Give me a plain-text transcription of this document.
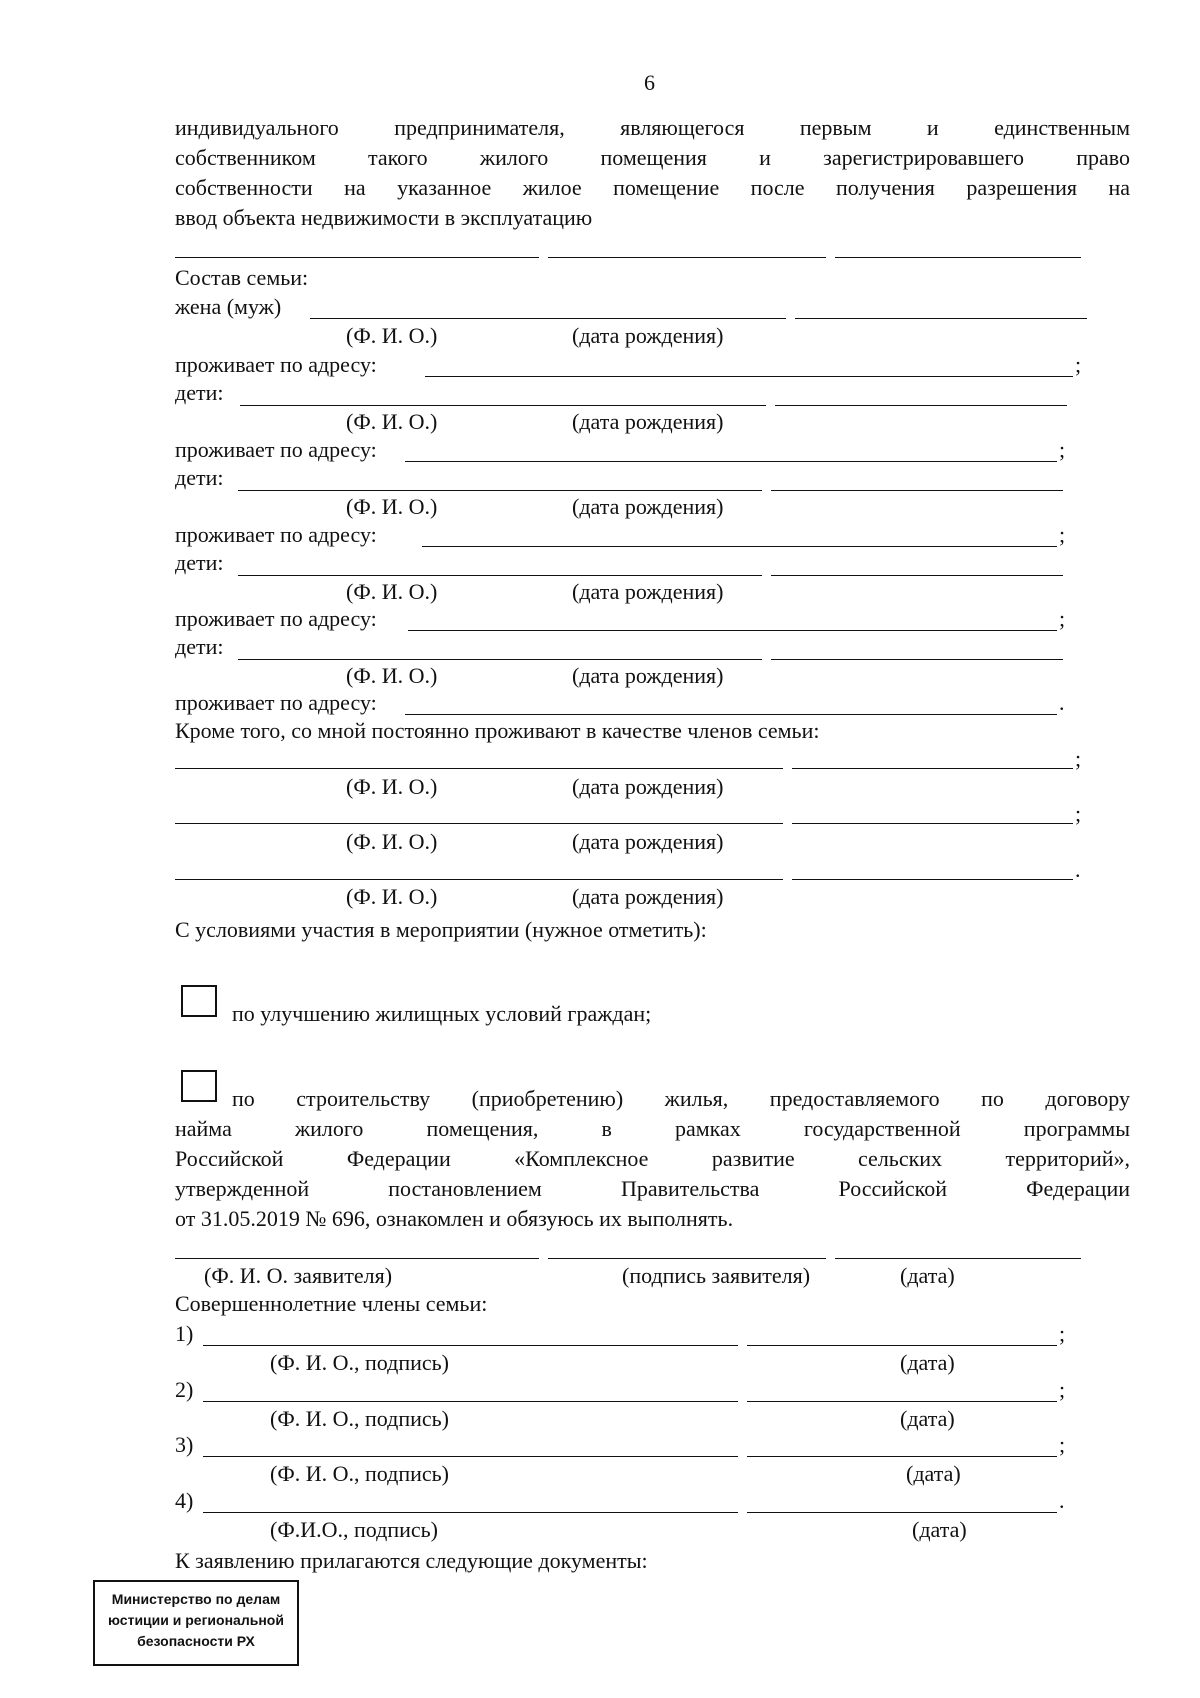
6
индивидуального предпринимателя, являющегося первым и единственным
собственником такого жилого помещения и зарегистрировавшего право
собственности на указанное жилое помещение после получения разрешения на
ввод объекта недвижимости в эксплуатацию
Состав семьи:
жена (муж)
(Ф. И. О.)	(дата рождения)
проживает по адресу:	;
дети:
(Ф. И. О.)	(дата рождения)
проживает по адресу:	;
дети:
(Ф. И. О.)	(дата рождения)
проживает по адресу:	;
дети:
(Ф. И. О.)	(дата рождения)
проживает по адресу:	;
дети:
(Ф. И. О.)	(дата рождения)
проживает по адресу:	.
Кроме того, со мной постоянно проживают в качестве членов семьи:
;
(Ф. И. О.)	(дата рождения)
;
(Ф. И. О.)	(дата рождения)
.
(Ф. И. О.)	(дата рождения)
С условиями участия в мероприятии (нужное отметить):
по улучшению жилищных условий граждан;
по строительству (приобретению) жилья, предоставляемого по договору
найма жилого помещения, в рамках государственной программы
Российской Федерации «Комплексное развитие сельских территорий»,
утвержденной постановлением Правительства Российской Федерации
от 31.05.2019 № 696, ознакомлен и обязуюсь их выполнять.
(Ф. И. О. заявителя)	(подпись заявителя)	(дата)
Совершеннолетние члены семьи:
1)	;
(Ф. И. О., подпись)	(дата)
2)	;
(Ф. И. О., подпись)	(дата)
3)	;
(Ф. И. О., подпись)	(дата)
4)	.
(Ф.И.О., подпись)	(дата)
К заявлению прилагаются следующие документы:
Министерство по делам
юстиции и региональной
безопасности РХ
